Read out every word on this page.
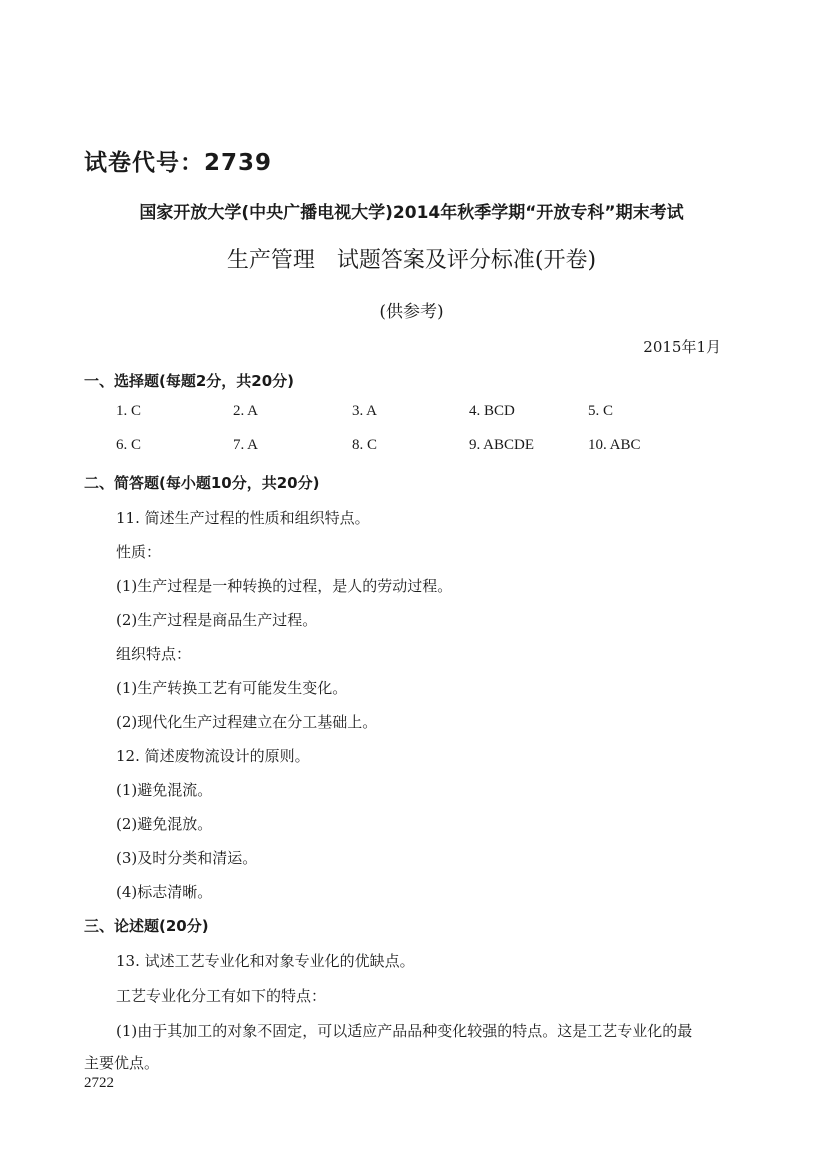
试卷代号：2739
国家开放大学(中央广播电视大学)2014年秋季学期“开放专科”期末考试
生产管理　试题答案及评分标准(开卷)
(供参考)
2015年1月
一、选择题(每题2分，共20分)
1. C	2. A	3. A	4. BCD	5. C
6. C	7. A	8. C	9. ABCDE	10. ABC
二、简答题(每小题10分，共20分)
11. 简述生产过程的性质和组织特点。
性质：
(1)生产过程是一种转换的过程，是人的劳动过程。
(2)生产过程是商品生产过程。
组织特点：
(1)生产转换工艺有可能发生变化。
(2)现代化生产过程建立在分工基础上。
12. 简述废物流设计的原则。
(1)避免混流。
(2)避免混放。
(3)及时分类和清运。
(4)标志清晰。
三、论述题(20分)
13. 试述工艺专业化和对象专业化的优缺点。
工艺专业化分工有如下的特点：
(1)由于其加工的对象不固定，可以适应产品品种变化较强的特点。这是工艺专业化的最
主要优点。
2722
